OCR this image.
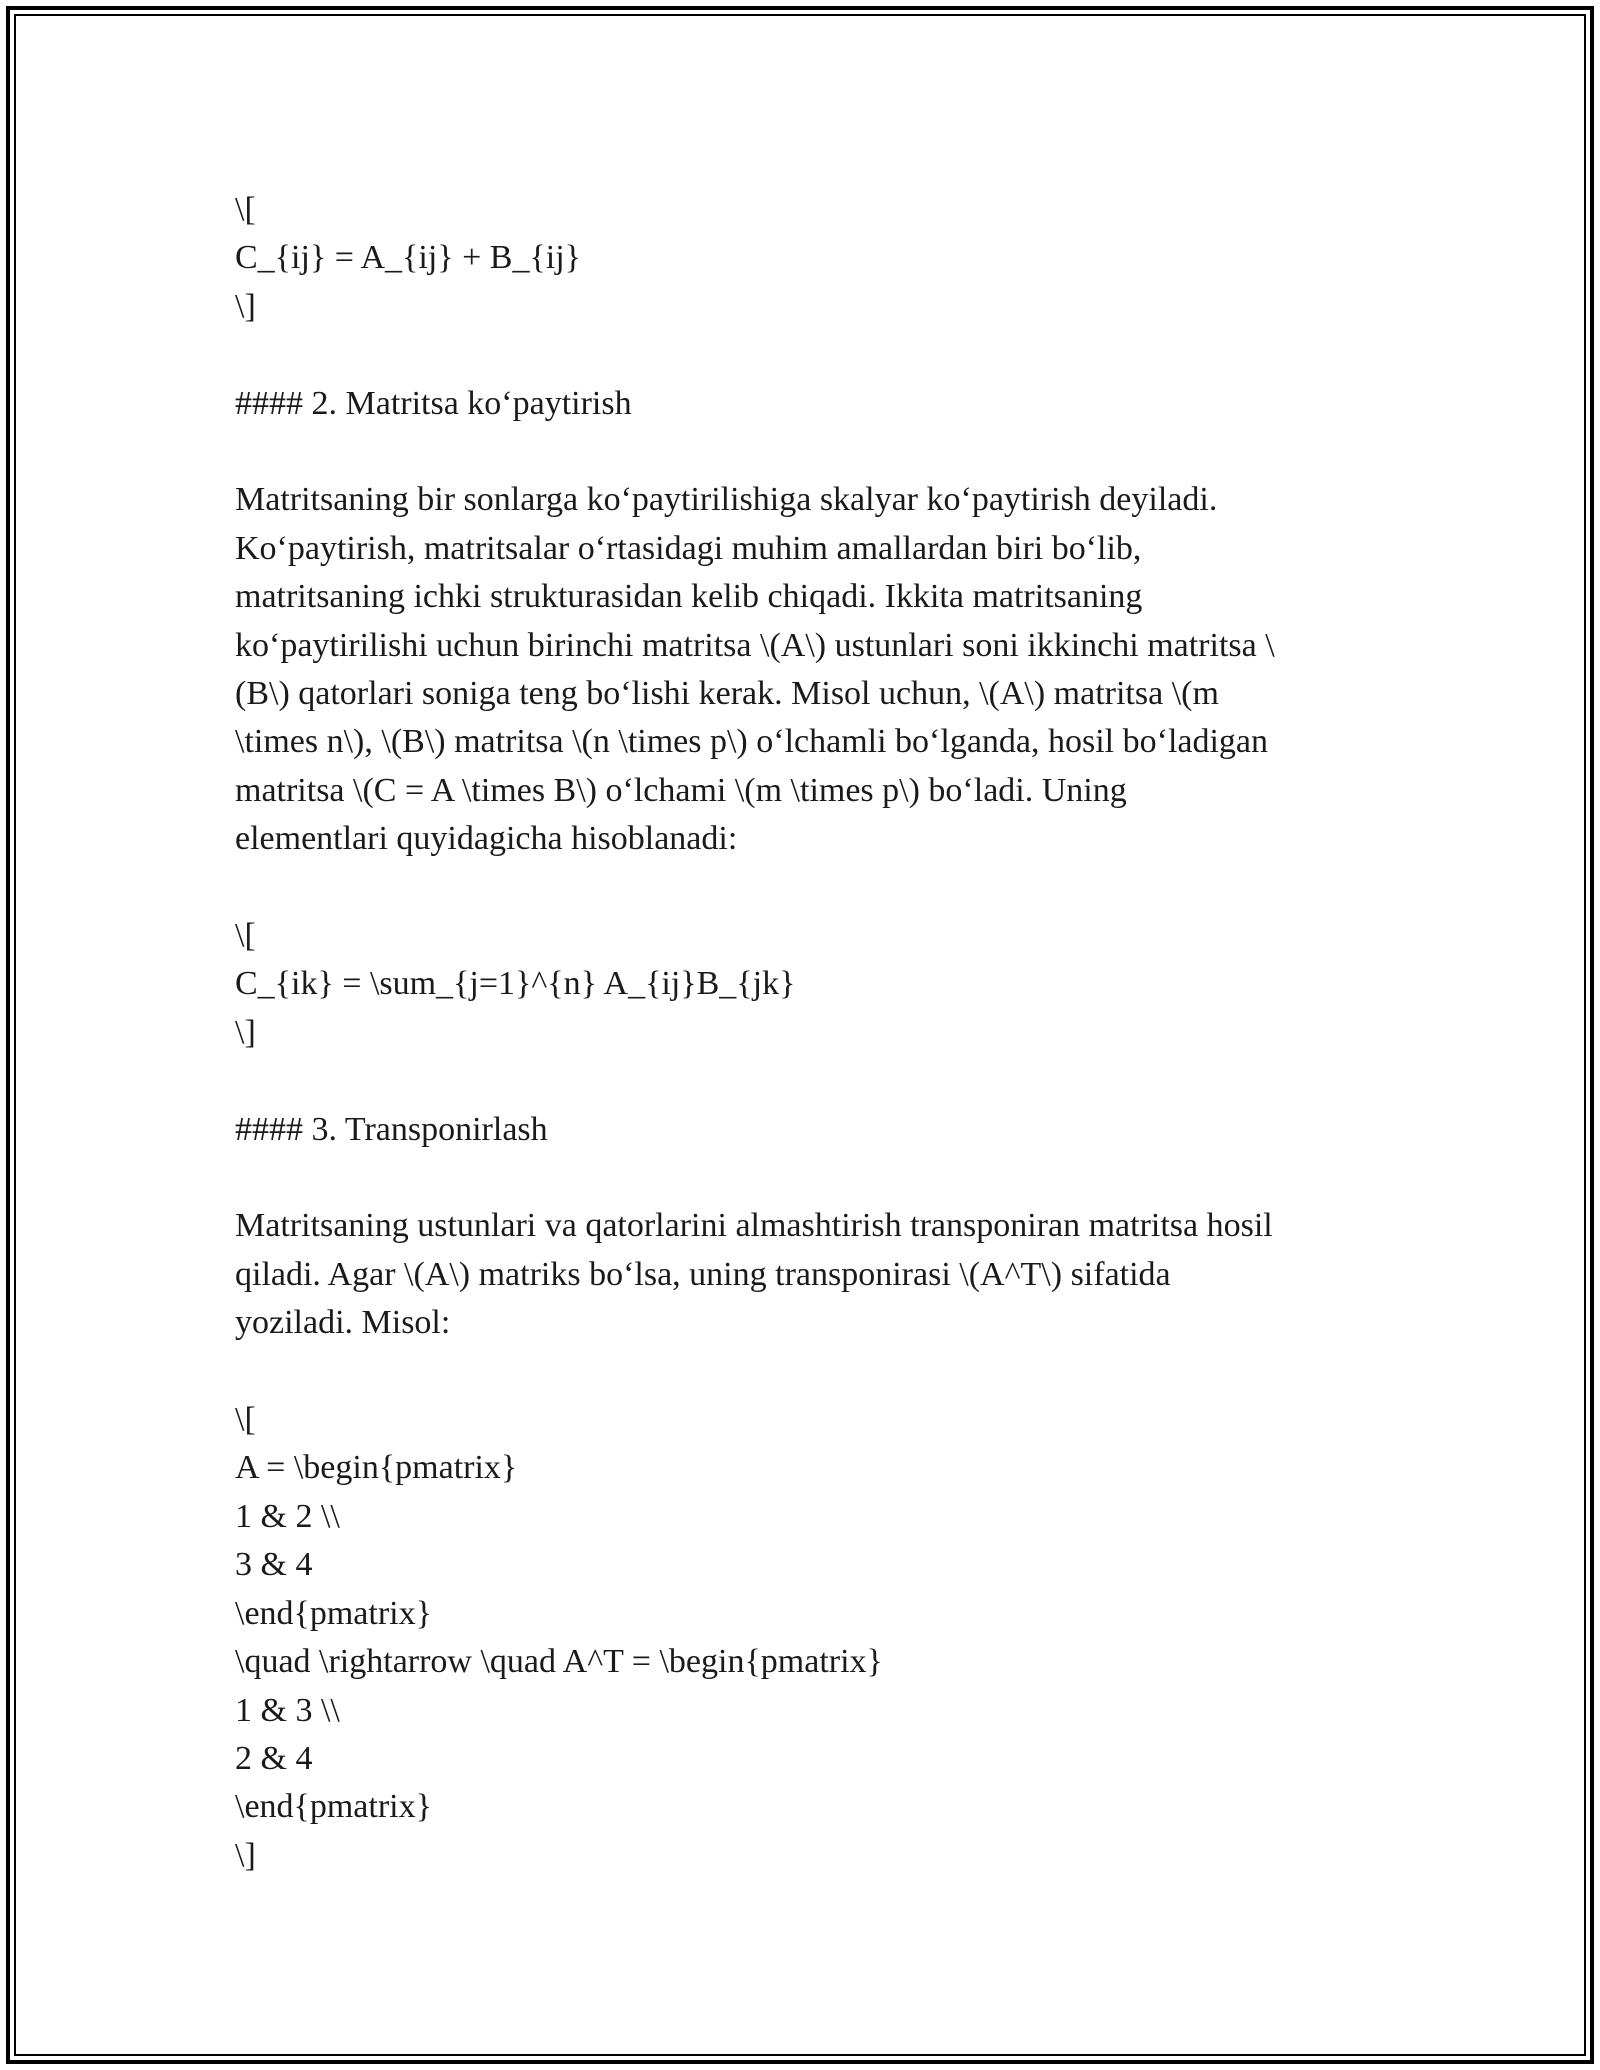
\[
C_{ij} = A_{ij} + B_{ij}
\]
#### 2. Matritsa ko‘paytirish
Matritsaning bir sonlarga ko‘paytirilishiga skalyar ko‘paytirish deyiladi.
Ko‘paytirish, matritsalar o‘rtasidagi muhim amallardan biri bo‘lib,
matritsaning ichki strukturasidan kelib chiqadi. Ikkita matritsaning
ko‘paytirilishi uchun birinchi matritsa \(A\) ustunlari soni ikkinchi matritsa \
(B\) qatorlari soniga teng bo‘lishi kerak. Misol uchun, \(A\) matritsa \(m
\times n\), \(B\) matritsa \(n \times p\) o‘lchamli bo‘lganda, hosil bo‘ladigan
matritsa \(C = A \times B\) o‘lchami \(m \times p\) bo‘ladi. Uning
elementlari quyidagicha hisoblanadi:
\[
C_{ik} = \sum_{j=1}^{n} A_{ij}B_{jk}
\]
#### 3. Transponirlash
Matritsaning ustunlari va qatorlarini almashtirish transponiran matritsa hosil
qiladi. Agar \(A\) matriks bo‘lsa, uning transponirasi \(A^T\) sifatida
yoziladi. Misol:
\[
A = \begin{pmatrix}
1 & 2 \\
3 & 4
\end{pmatrix}
\quad \rightarrow \quad A^T = \begin{pmatrix}
1 & 3 \\
2 & 4
\end{pmatrix}
\]
